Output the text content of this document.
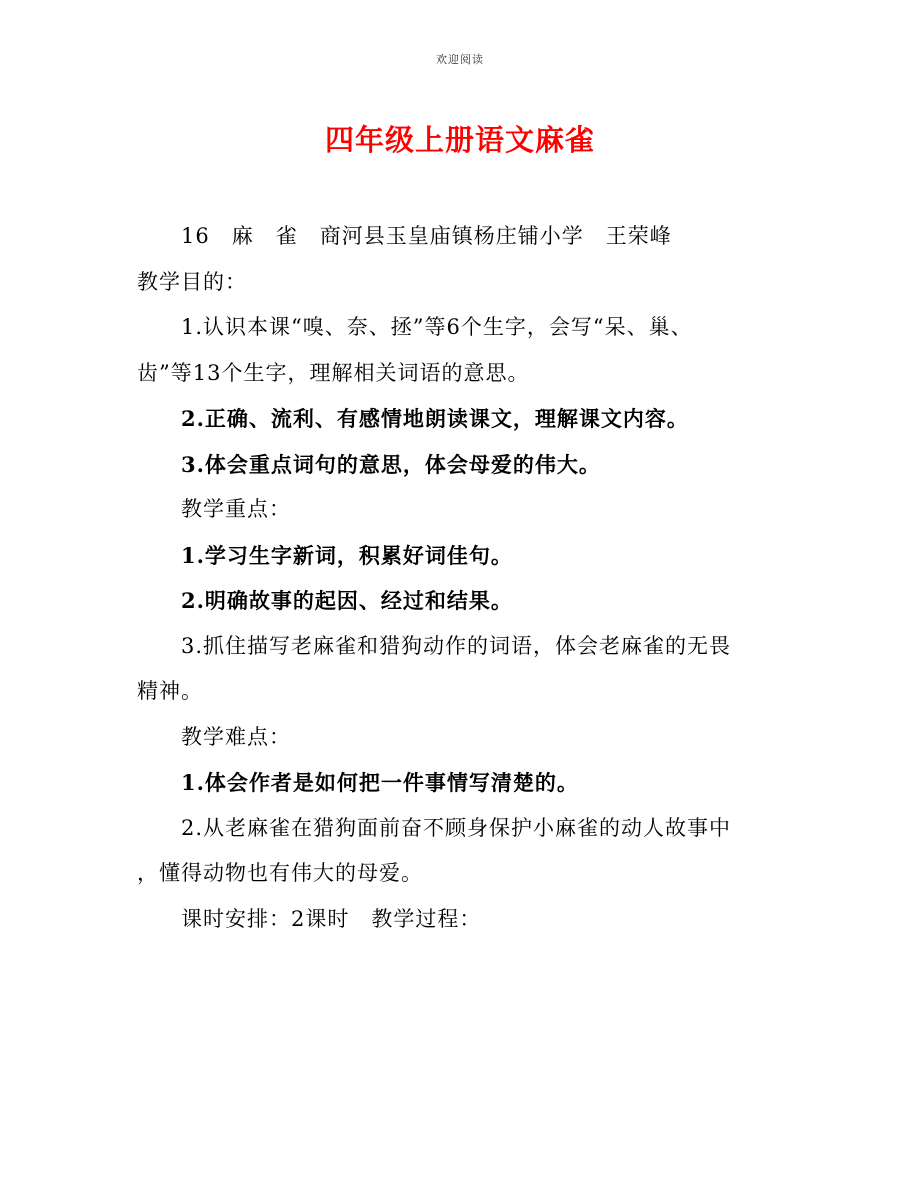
欢迎阅读
四年级上册语文麻雀

16 麻 雀 商河县玉皇庙镇杨庄铺小学 王荣峰

教学目的：

1.认识本课“嗅、奈、拯”等6个生字，会写“呆、巢、

齿”等13个生字，理解相关词语的意思。

2.正确、流利、有感情地朗读课文，理解课文内容。

3.体会重点词句的意思，体会母爱的伟大。

教学重点：

1.学习生字新词，积累好词佳句。

2.明确故事的起因、经过和结果。

3.抓住描写老麻雀和猎狗动作的词语，体会老麻雀的无畏

精神。

教学难点：

1.体会作者是如何把一件事情写清楚的。

2.从老麻雀在猎狗面前奋不顾身保护小麻雀的动人故事中

，懂得动物也有伟大的母爱。

课时安排：2课时 教学过程：
